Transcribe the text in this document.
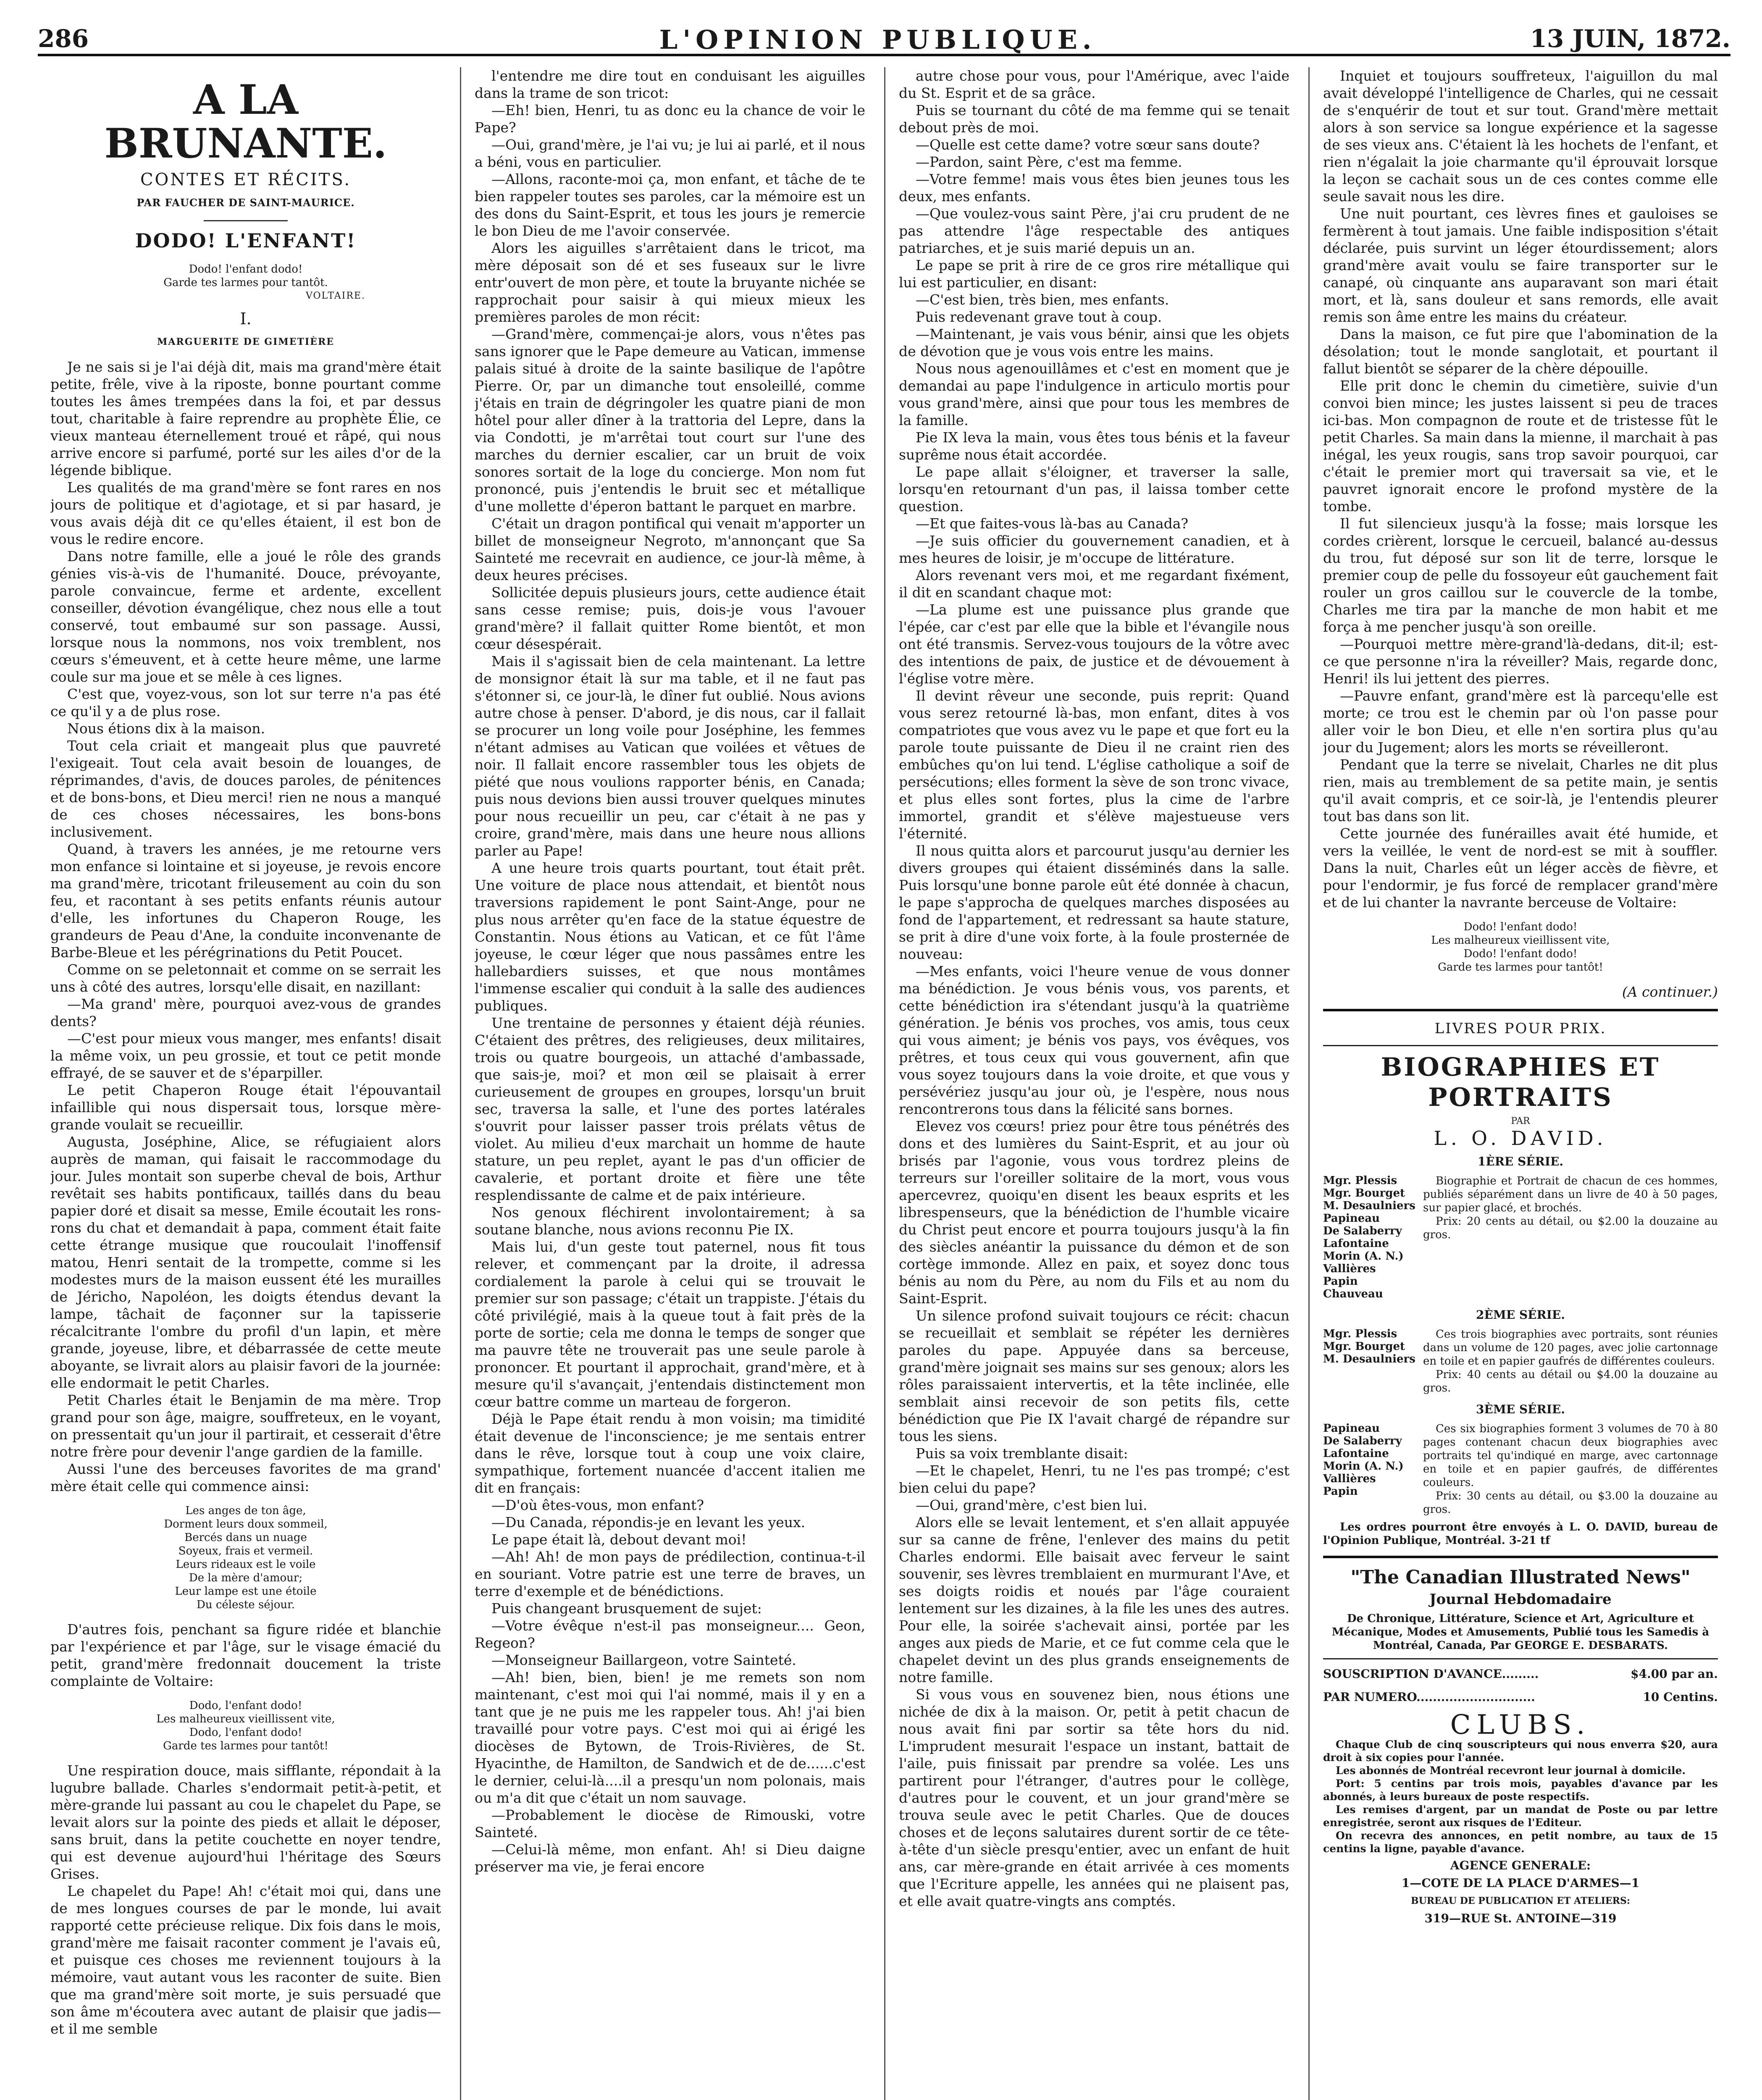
286	L'OPINION PUBLIQUE.	13 JUIN, 1872.
A LA BRUNANTE.
CONTES ET RÉCITS.
PAR FAUCHER DE SAINT-MAURICE.
DODO! L'ENFANT!
Dodo! l'enfant dodo!
Garde tes larmes pour tantôt.
VOLTAIRE.
I.
MARGUERITE DE GIMETIÈRE

Je ne sais si je l'ai déjà dit, mais ma grand'mère était petite, frêle, vive à la riposte, bonne pourtant comme toutes les âmes trempées dans la foi, et par dessus tout, charitable à faire reprendre au prophète Élie, ce vieux manteau éternellement troué et râpé, qui nous arrive encore si parfumé, porté sur les ailes d'or de la légende biblique.

Les qualités de ma grand'mère se font rares en nos jours de politique et d'agiotage, et si par hasard, je vous avais déjà dit ce qu'elles étaient, il est bon de vous le redire encore.

Dans notre famille, elle a joué le rôle des grands génies vis-à-vis de l'humanité. Douce, prévoyante, parole convaincue, ferme et ardente, excellent conseiller, dévotion évangélique, chez nous elle a tout conservé, tout embaumé sur son passage. Aussi, lorsque nous la nommons, nos voix tremblent, nos cœurs s'émeuvent, et à cette heure même, une larme coule sur ma joue et se mêle à ces lignes.

C'est que, voyez-vous, son lot sur terre n'a pas été ce qu'il y a de plus rose.

Nous étions dix à la maison.

Tout cela criait et mangeait plus que pauvreté l'exigeait. Tout cela avait besoin de louanges, de réprimandes, d'avis, de douces paroles, de pénitences et de bons-bons, et Dieu merci! rien ne nous a manqué de ces choses nécessaires, les bons-bons inclusivement.

Quand, à travers les années, je me retourne vers mon enfance si lointaine et si joyeuse, je revois encore ma grand'mère, tricotant frileusement au coin du son feu, et racontant à ses petits enfants réunis autour d'elle, les infortunes du Chaperon Rouge, les grandeurs de Peau d'Ane, la conduite inconvenante de Barbe-Bleue et les pérégrinations du Petit Poucet.

Comme on se peletonnait et comme on se serrait les uns à côté des autres, lorsqu'elle disait, en nazillant:

—Ma grand' mère, pourquoi avez-vous de grandes dents?

—C'est pour mieux vous manger, mes enfants! disait la même voix, un peu grossie, et tout ce petit monde effrayé, de se sauver et de s'éparpiller.

Le petit Chaperon Rouge était l'épouvantail infaillible qui nous dispersait tous, lorsque mère-grande voulait se recueillir.

Augusta, Joséphine, Alice, se réfugiaient alors auprès de maman, qui faisait le raccommodage du jour. Jules montait son superbe cheval de bois, Arthur revêtait ses habits pontificaux, taillés dans du beau papier doré et disait sa messe, Emile écoutait les rons-rons du chat et demandait à papa, comment était faite cette étrange musique que roucoulait l'inoffensif matou, Henri sentait de la trompette, comme si les modestes murs de la maison eussent été les murailles de Jéricho, Napoléon, les doigts étendus devant la lampe, tâchait de façonner sur la tapisserie récalcitrante l'ombre du profil d'un lapin, et mère grande, joyeuse, libre, et débarrassée de cette meute aboyante, se livrait alors au plaisir favori de la journée: elle endormait le petit Charles.

Petit Charles était le Benjamin de ma mère. Trop grand pour son âge, maigre, souffreteux, en le voyant, on pressentait qu'un jour il partirait, et cesserait d'être notre frère pour devenir l'ange gardien de la famille.

Aussi l'une des berceuses favorites de ma grand' mère était celle qui commence ainsi:

Les anges de ton âge,
Dorment leurs doux sommeil,
Bercés dans un nuage
Soyeux, frais et vermeil.
Leurs rideaux est le voile
De la mère d'amour;
Leur lampe est une étoile
Du céleste séjour.

D'autres fois, penchant sa figure ridée et blanchie par l'expérience et par l'âge, sur le visage émacié du petit, grand'mère fredonnait doucement la triste complainte de Voltaire:

Dodo, l'enfant dodo!
Les malheureux vieillissent vite,
Dodo, l'enfant dodo!
Garde tes larmes pour tantôt!

Une respiration douce, mais sifflante, répondait à la lugubre ballade. Charles s'endormait petit-à-petit, et mère-grande lui passant au cou le chapelet du Pape, se levait alors sur la pointe des pieds et allait le déposer, sans bruit, dans la petite couchette en noyer tendre, qui est devenue aujourd'hui l'héritage des Sœurs Grises.

Le chapelet du Pape! Ah! c'était moi qui, dans une de mes longues courses de par le monde, lui avait rapporté cette précieuse relique. Dix fois dans le mois, grand'mère me faisait raconter comment je l'avais eû, et puisque ces choses me reviennent toujours à la mémoire, vaut autant vous les raconter de suite. Bien que ma grand'mère soit morte, je suis persuadé que son âme m'écoutera avec autant de plaisir que jadis—et il me semble

l'entendre me dire tout en conduisant les aiguilles dans la trame de son tricot:

—Eh! bien, Henri, tu as donc eu la chance de voir le Pape?

—Oui, grand'mère, je l'ai vu; je lui ai parlé, et il nous a béni, vous en particulier.

—Allons, raconte-moi ça, mon enfant, et tâche de te bien rappeler toutes ses paroles, car la mémoire est un des dons du Saint-Esprit, et tous les jours je remercie le bon Dieu de me l'avoir conservée.

Alors les aiguilles s'arrêtaient dans le tricot, ma mère déposait son dé et ses fuseaux sur le livre entr'ouvert de mon père, et toute la bruyante nichée se rapprochait pour saisir à qui mieux mieux les premières paroles de mon récit:

—Grand'mère, commençai-je alors, vous n'êtes pas sans ignorer que le Pape demeure au Vatican, immense palais situé à droite de la sainte basilique de l'apôtre Pierre. Or, par un dimanche tout ensoleillé, comme j'étais en train de dégringoler les quatre piani de mon hôtel pour aller dîner à la trattoria del Lepre, dans la via Condotti, je m'arrêtai tout court sur l'une des marches du dernier escalier, car un bruit de voix sonores sortait de la loge du concierge. Mon nom fut prononcé, puis j'entendis le bruit sec et métallique d'une mollette d'éperon battant le parquet en marbre.

C'était un dragon pontifical qui venait m'apporter un billet de monseigneur Negroto, m'annonçant que Sa Sainteté me recevrait en audience, ce jour-là même, à deux heures précises.

Sollicitée depuis plusieurs jours, cette audience était sans cesse remise; puis, dois-je vous l'avouer grand'mère? il fallait quitter Rome bientôt, et mon cœur désespérait.

Mais il s'agissait bien de cela maintenant. La lettre de monsignor était là sur ma table, et il ne faut pas s'étonner si, ce jour-là, le dîner fut oublié. Nous avions autre chose à penser. D'abord, je dis nous, car il fallait se procurer un long voile pour Joséphine, les femmes n'étant admises au Vatican que voilées et vêtues de noir. Il fallait encore rassembler tous les objets de piété que nous voulions rapporter bénis, en Canada; puis nous devions bien aussi trouver quelques minutes pour nous recueillir un peu, car c'était à ne pas y croire, grand'mère, mais dans une heure nous allions parler au Pape!

A une heure trois quarts pourtant, tout était prêt. Une voiture de place nous attendait, et bientôt nous traversions rapidement le pont Saint-Ange, pour ne plus nous arrêter qu'en face de la statue équestre de Constantin. Nous étions au Vatican, et ce fût l'âme joyeuse, le cœur léger que nous passâmes entre les hallebardiers suisses, et que nous montâmes l'immense escalier qui conduit à la salle des audiences publiques.

Une trentaine de personnes y étaient déjà réunies. C'étaient des prêtres, des religieuses, deux militaires, trois ou quatre bourgeois, un attaché d'ambassade, que sais-je, moi? et mon œil se plaisait à errer curieusement de groupes en groupes, lorsqu'un bruit sec, traversa la salle, et l'une des portes latérales s'ouvrit pour laisser passer trois prélats vêtus de violet. Au milieu d'eux marchait un homme de haute stature, un peu replet, ayant le pas d'un officier de cavalerie, et portant droite et fière une tête resplendissante de calme et de paix intérieure.

Nos genoux fléchirent involontairement; à sa soutane blanche, nous avions reconnu Pie IX.

Mais lui, d'un geste tout paternel, nous fit tous relever, et commençant par la droite, il adressa cordialement la parole à celui qui se trouvait le premier sur son passage; c'était un trappiste. J'étais du côté privilégié, mais à la queue tout à fait près de la porte de sortie; cela me donna le temps de songer que ma pauvre tête ne trouverait pas une seule parole à prononcer. Et pourtant il approchait, grand'mère, et à mesure qu'il s'avançait, j'entendais distinctement mon cœur battre comme un marteau de forgeron.

Déjà le Pape était rendu à mon voisin; ma timidité était devenue de l'inconscience; je me sentais entrer dans le rêve, lorsque tout à coup une voix claire, sympathique, fortement nuancée d'accent italien me dit en français:

—D'où êtes-vous, mon enfant?

—Du Canada, répondis-je en levant les yeux.

Le pape était là, debout devant moi!

—Ah! Ah! de mon pays de prédilection, continua-t-il en souriant. Votre patrie est une terre de braves, un terre d'exemple et de bénédictions.

Puis changeant brusquement de sujet:

—Votre évêque n'est-il pas monseigneur.... Geon, Regeon?

—Monseigneur Baillargeon, votre Sainteté.

—Ah! bien, bien, bien! je me remets son nom maintenant, c'est moi qui l'ai nommé, mais il y en a tant que je ne puis me les rappeler tous. Ah! j'ai bien travaillé pour votre pays. C'est moi qui ai érigé les diocèses de Bytown, de Trois-Rivières, de St. Hyacinthe, de Hamilton, de Sandwich et de de......c'est le dernier, celui-là....il a presqu'un nom polonais, mais ou m'a dit que c'était un nom sauvage.

—Probablement le diocèse de Rimouski, votre Sainteté.

—Celui-là même, mon enfant. Ah! si Dieu daigne préserver ma vie, je ferai encore

autre chose pour vous, pour l'Amérique, avec l'aide du St. Esprit et de sa grâce.

Puis se tournant du côté de ma femme qui se tenait debout près de moi.

—Quelle est cette dame? votre sœur sans doute?

—Pardon, saint Père, c'est ma femme.

—Votre femme! mais vous êtes bien jeunes tous les deux, mes enfants.

—Que voulez-vous saint Père, j'ai cru prudent de ne pas attendre l'âge respectable des antiques patriarches, et je suis marié depuis un an.

Le pape se prit à rire de ce gros rire métallique qui lui est particulier, en disant:

—C'est bien, très bien, mes enfants.

Puis redevenant grave tout à coup.

—Maintenant, je vais vous bénir, ainsi que les objets de dévotion que je vous vois entre les mains.

Nous nous agenouillâmes et c'est en moment que je demandai au pape l'indulgence in articulo mortis pour vous grand'mère, ainsi que pour tous les membres de la famille.

Pie IX leva la main, vous êtes tous bénis et la faveur suprême nous était accordée.

Le pape allait s'éloigner, et traverser la salle, lorsqu'en retournant d'un pas, il laissa tomber cette question.

—Et que faites-vous là-bas au Canada?

—Je suis officier du gouvernement canadien, et à mes heures de loisir, je m'occupe de littérature.

Alors revenant vers moi, et me regardant fixément, il dit en scandant chaque mot:

—La plume est une puissance plus grande que l'épée, car c'est par elle que la bible et l'évangile nous ont été transmis. Servez-vous toujours de la vôtre avec des intentions de paix, de justice et de dévouement à l'église votre mère.

Il devint rêveur une seconde, puis reprit: Quand vous serez retourné là-bas, mon enfant, dites à vos compatriotes que vous avez vu le pape et que fort eu la parole toute puissante de Dieu il ne craint rien des embûches qu'on lui tend. L'église catholique a soif de persécutions; elles forment la sève de son tronc vivace, et plus elles sont fortes, plus la cime de l'arbre immortel, grandit et s'élève majestueuse vers l'éternité.

Il nous quitta alors et parcourut jusqu'au dernier les divers groupes qui étaient disséminés dans la salle. Puis lorsqu'une bonne parole eût été donnée à chacun, le pape s'approcha de quelques marches disposées au fond de l'appartement, et redressant sa haute stature, se prit à dire d'une voix forte, à la foule prosternée de nouveau:

—Mes enfants, voici l'heure venue de vous donner ma bénédiction. Je vous bénis vous, vos parents, et cette bénédiction ira s'étendant jusqu'à la quatrième génération. Je bénis vos proches, vos amis, tous ceux qui vous aiment; je bénis vos pays, vos évêques, vos prêtres, et tous ceux qui vous gouvernent, afin que vous soyez toujours dans la voie droite, et que vous y persévériez jusqu'au jour où, je l'espère, nous nous rencontrerons tous dans la félicité sans bornes.

Elevez vos cœurs! priez pour être tous pénétrés des dons et des lumières du Saint-Esprit, et au jour où brisés par l'agonie, vous vous tordrez pleins de terreurs sur l'oreiller solitaire de la mort, vous vous apercevrez, quoiqu'en disent les beaux esprits et les librespenseurs, que la bénédiction de l'humble vicaire du Christ peut encore et pourra toujours jusqu'à la fin des siècles anéantir la puissance du démon et de son cortège immonde. Allez en paix, et soyez donc tous bénis au nom du Père, au nom du Fils et au nom du Saint-Esprit.

Un silence profond suivait toujours ce récit: chacun se recueillait et semblait se répéter les dernières paroles du pape. Appuyée dans sa berceuse, grand'mère joignait ses mains sur ses genoux; alors les rôles paraissaient intervertis, et la tête inclinée, elle semblait ainsi recevoir de son petits fils, cette bénédiction que Pie IX l'avait chargé de répandre sur tous les siens.

Puis sa voix tremblante disait:

—Et le chapelet, Henri, tu ne l'es pas trompé; c'est bien celui du pape?

—Oui, grand'mère, c'est bien lui.

Alors elle se levait lentement, et s'en allait appuyée sur sa canne de frêne, l'enlever des mains du petit Charles endormi. Elle baisait avec ferveur le saint souvenir, ses lèvres tremblaient en murmurant l'Ave, et ses doigts roidis et noués par l'âge couraient lentement sur les dizaines, à la file les unes des autres. Pour elle, la soirée s'achevait ainsi, portée par les anges aux pieds de Marie, et ce fut comme cela que le chapelet devint un des plus grands enseignements de notre famille.

Si vous vous en souvenez bien, nous étions une nichée de dix à la maison. Or, petit à petit chacun de nous avait fini par sortir sa tête hors du nid. L'imprudent mesurait l'espace un instant, battait de l'aile, puis finissait par prendre sa volée. Les uns partirent pour l'étranger, d'autres pour le collège, d'autres pour le couvent, et un jour grand'mère se trouva seule avec le petit Charles. Que de douces choses et de leçons salutaires durent sortir de ce tête-à-tête d'un siècle presqu'entier, avec un enfant de huit ans, car mère-grande en était arrivée à ces moments que l'Ecriture appelle, les années qui ne plaisent pas, et elle avait quatre-vingts ans comptés.

Inquiet et toujours souffreteux, l'aiguillon du mal avait développé l'intelligence de Charles, qui ne cessait de s'enquérir de tout et sur tout. Grand'mère mettait alors à son service sa longue expérience et la sagesse de ses vieux ans. C'étaient là les hochets de l'enfant, et rien n'égalait la joie charmante qu'il éprouvait lorsque la leçon se cachait sous un de ces contes comme elle seule savait nous les dire.

Une nuit pourtant, ces lèvres fines et gauloises se fermèrent à tout jamais. Une faible indisposition s'était déclarée, puis survint un léger étourdissement; alors grand'mère avait voulu se faire transporter sur le canapé, où cinquante ans auparavant son mari était mort, et là, sans douleur et sans remords, elle avait remis son âme entre les mains du créateur.

Dans la maison, ce fut pire que l'abomination de la désolation; tout le monde sanglotait, et pourtant il fallut bientôt se séparer de la chère dépouille.

Elle prit donc le chemin du cimetière, suivie d'un convoi bien mince; les justes laissent si peu de traces ici-bas. Mon compagnon de route et de tristesse fût le petit Charles. Sa main dans la mienne, il marchait à pas inégal, les yeux rougis, sans trop savoir pourquoi, car c'était le premier mort qui traversait sa vie, et le pauvret ignorait encore le profond mystère de la tombe.

Il fut silencieux jusqu'à la fosse; mais lorsque les cordes crièrent, lorsque le cercueil, balancé au-dessus du trou, fut déposé sur son lit de terre, lorsque le premier coup de pelle du fossoyeur eût gauchement fait rouler un gros caillou sur le couvercle de la tombe, Charles me tira par la manche de mon habit et me força à me pencher jusqu'à son oreille.

—Pourquoi mettre mère-grand'là-dedans, dit-il; est-ce que personne n'ira la réveiller? Mais, regarde donc, Henri! ils lui jettent des pierres.

—Pauvre enfant, grand'mère est là parcequ'elle est morte; ce trou est le chemin par où l'on passe pour aller voir le bon Dieu, et elle n'en sortira plus qu'au jour du Jugement; alors les morts se réveilleront.

Pendant que la terre se nivelait, Charles ne dit plus rien, mais au tremblement de sa petite main, je sentis qu'il avait compris, et ce soir-là, je l'entendis pleurer tout bas dans son lit.

Cette journée des funérailles avait été humide, et vers la veillée, le vent de nord-est se mit à souffler. Dans la nuit, Charles eût un léger accès de fièvre, et pour l'endormir, je fus forcé de remplacer grand'mère et de lui chanter la navrante berceuse de Voltaire:

Dodo! l'enfant dodo!
Les malheureux vieillissent vite,
Dodo! l'enfant dodo!
Garde tes larmes pour tantôt!

(A continuer.)

LIVRES POUR PRIX.
BIOGRAPHIES ET PORTRAITS
PAR
L. O. DAVID.
1ÈRE SÉRIE.
Mgr. Plessis
Mgr. Bourget
M. Desaulniers
Papineau
De Salaberry
Lafontaine
Morin (A. N.)
Vallières
Papin
Chauveau

Biographie et Portrait de chacun de ces hommes, publiés séparément dans un livre de 40 à 50 pages, sur papier glacé, et brochés.

Prix: 20 cents au détail, ou $2.00 la douzaine au gros.

2ÈME SÉRIE.
Mgr. Plessis
Mgr. Bourget
M. Desaulniers

Ces trois biographies avec portraits, sont réunies dans un volume de 120 pages, avec jolie cartonnage en toile et en papier gaufrés de différentes couleurs.

Prix: 40 cents au détail ou $4.00 la douzaine au gros.

3ÈME SÉRIE.
Papineau
De Salaberry
Lafontaine
Morin (A. N.)
Vallières
Papin

Ces six biographies forment 3 volumes de 70 à 80 pages contenant chacun deux biographies avec portraits tel qu'indiqué en marge, avec cartonnage en toile et en papier gaufrés, de différentes couleurs.

Prix: 30 cents au détail, ou $3.00 la douzaine au gros.

Les ordres pourront être envoyés à L. O. DAVID, bureau de l'Opinion Publique, Montréal. 3-21 tf

"The Canadian Illustrated News"
Journal Hebdomadaire
De Chronique, Littérature, Science et Art, Agriculture et Mécanique, Modes et Amusements, Publié tous les Samedis à Montréal, Canada, Par GEORGE E. DESBARATS.
SOUSCRIPTION D'AVANCE.........	$4.00 par an.
PAR NUMERO.............................	10 Centins.
CLUBS.

Chaque Club de cinq souscripteurs qui nous enverra $20, aura droit à six copies pour l'année.

Les abonnés de Montréal recevront leur journal à domicile.

Port: 5 centins par trois mois, payables d'avance par les abonnés, à leurs bureaux de poste respectifs.

Les remises d'argent, par un mandat de Poste ou par lettre enregistrée, seront aux risques de l'Editeur.

On recevra des annonces, en petit nombre, au taux de 15 centins la ligne, payable d'avance.

AGENCE GENERALE:
1—COTE DE LA PLACE D'ARMES—1
BUREAU DE PUBLICATION ET ATELIERS:
319—RUE St. ANTOINE—319
